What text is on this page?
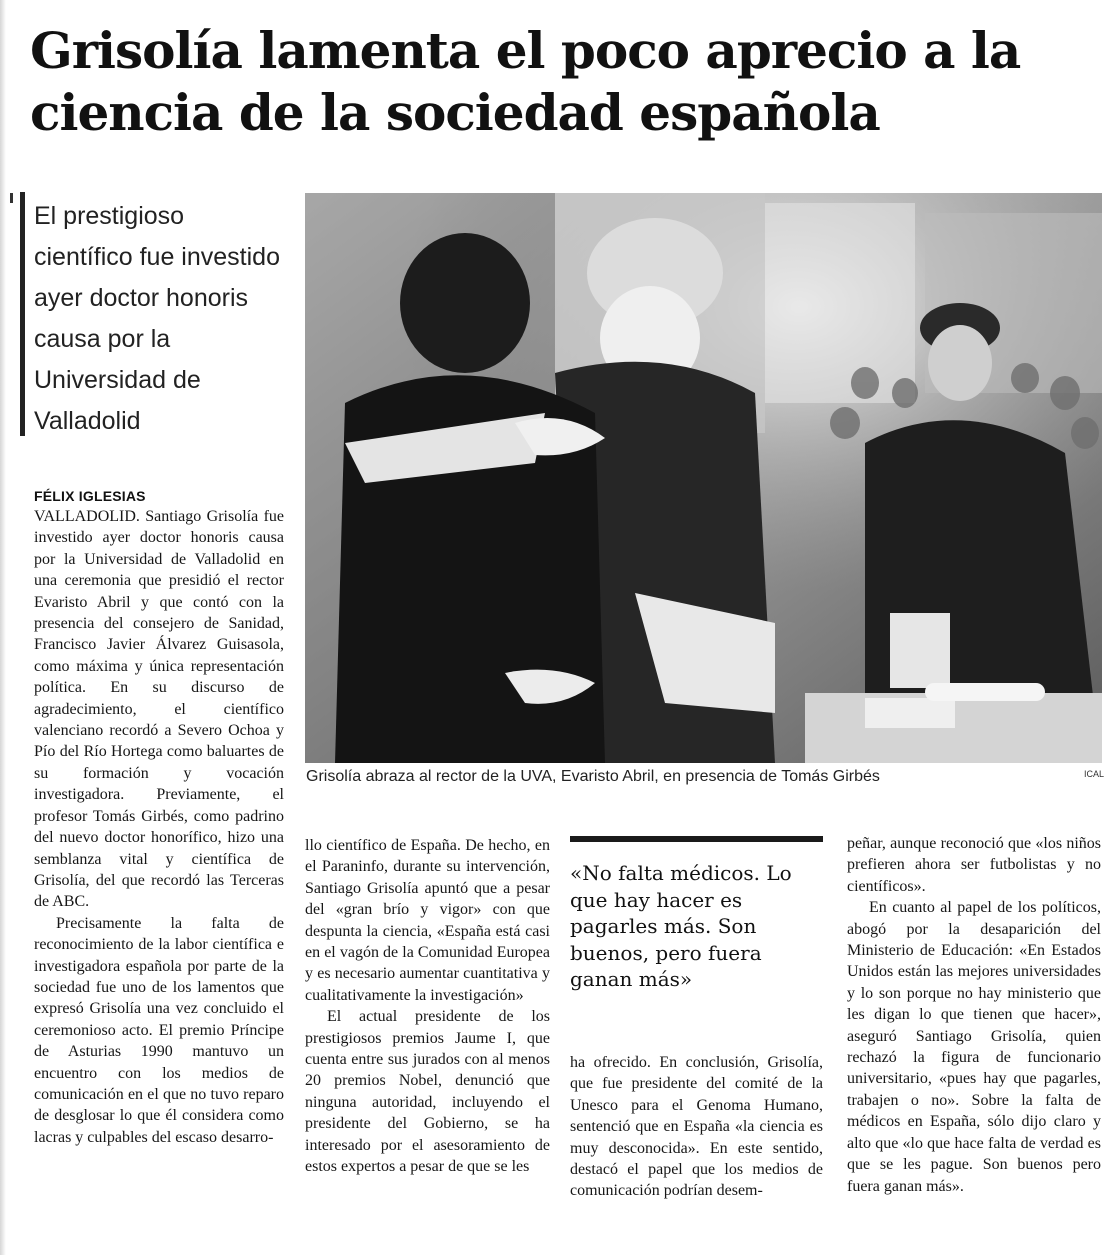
Grisolía lamenta el poco aprecio a la ciencia de la sociedad española
El prestigioso científico fue investido ayer doctor honoris causa por la Universidad de Valladolid
FÉLIX IGLESIAS

VALLADOLID. Santiago Grisolía fue investido ayer doctor honoris causa por la Universidad de Valladolid en una ceremonia que presidió el rector Evaristo Abril y que contó con la presencia del consejero de Sanidad, Francisco Javier Álvarez Guisasola, como máxima y única representación política. En su discurso de agradecimiento, el científico valenciano recordó a Severo Ochoa y Pío del Río Hortega como baluartes de su formación y vocación investigadora. Previamente, el profesor Tomás Girbés, como padrino del nuevo doctor honorífico, hizo una semblanza vital y científica de Grisolía, del que recordó las Terceras de ABC.

Precisamente la falta de reconocimiento de la labor científica e investigadora española por parte de la sociedad fue uno de los lamentos que expresó Grisolía una vez concluido el ceremonioso acto. El premio Príncipe de Asturias 1990 mantuvo un encuentro con los medios de comunicación en el que no tuvo reparo de desglosar lo que él considera como lacras y culpables del escaso desarro-

Grisolía abraza al rector de la UVA, Evaristo Abril, en presencia de Tomás Girbés	ICAL

llo científico de España. De hecho, en el Paraninfo, durante su intervención, Santiago Grisolía apuntó que a pesar del «gran brío y vigor» con que despunta la ciencia, «España está casi en el vagón de la Comunidad Europea y es necesario aumentar cuantitativa y cualitativamente la investigación»

El actual presidente de los prestigiosos premios Jaume I, que cuenta entre sus jurados con al menos 20 premios Nobel, denunció que ninguna autoridad, incluyendo el presidente del Gobierno, se ha interesado por el asesoramiento de estos expertos a pesar de que se les

«No falta médicos. Lo que hay hacer es pagarles más. Son buenos, pero fuera ganan más»

ha ofrecido. En conclusión, Grisolía, que fue presidente del comité de la Unesco para el Genoma Humano, sentenció que en España «la ciencia es muy desconocida». En este sentido, destacó el papel que los medios de comunicación podrían desem-

peñar, aunque reconoció que «los niños prefieren ahora ser futbolistas y no científicos».

En cuanto al papel de los políticos, abogó por la desaparición del Ministerio de Educación: «En Estados Unidos están las mejores universidades y lo son porque no hay ministerio que les digan lo que tienen que hacer», aseguró Santiago Grisolía, quien rechazó la figura de funcionario universitario, «pues hay que pagarles, trabajen o no». Sobre la falta de médicos en España, sólo dijo claro y alto que «lo que hace falta de verdad es que se les pague. Son buenos pero fuera ganan más».
